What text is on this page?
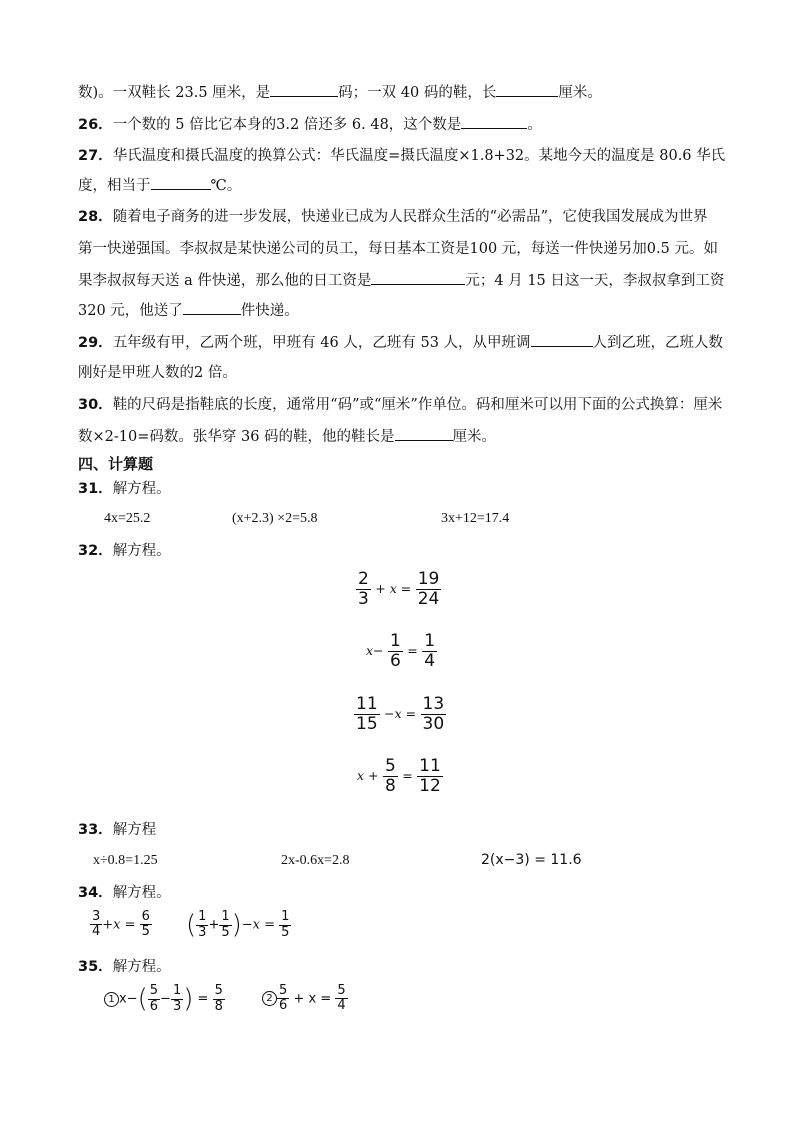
数)。一双鞋长 23.5 厘米，是	码；一双 40 码的鞋，长	厘米。
26．一个数的 5 倍比它本身的3.2 倍还多 6. 48，这个数是	。
27．华氏温度和摄氏温度的换算公式：华氏温度=摄氏温度×1.8+32。某地今天的温度是 80.6 华氏
度，相当于	℃。
28．随着电子商务的进一步发展，快递业已成为人民群众生活的“必需品”，它使我国发展成为世界
第一快递强国。李叔叔是某快递公司的员工，每日基本工资是100 元，每送一件快递另加0.5 元。如
果李叔叔每天送 a 件快递，那么他的日工资是	元；4 月 15 日这一天，李叔叔拿到工资
320 元，他送了	件快递。
29．五年级有甲，乙两个班，甲班有 46 人，乙班有 53 人，从甲班调	人到乙班，乙班人数
刚好是甲班人数的2 倍。
30．鞋的尺码是指鞋底的长度，通常用“码”或“厘米”作单位。码和厘米可以用下面的公式换算：厘米
数×2-10=码数。张华穿 36 码的鞋，他的鞋长是	厘米。
四、计算题
31．解方程。
4x=25.2	(x+2.3) ×2=5.8	3x+12=17.4
32．解方程。
$\frac{2}{3} + x = \frac{19}{24}$
$x- \frac{1}{6} = \frac{1}{4}$
$\frac{11}{15} -x = \frac{13}{30}$
$x + \frac{5}{8} = \frac{11}{12}$
33．解方程
x÷0.8=1.25	2x-0.6x=2.8	2(x−3) = 11.6
34．解方程。
$\frac{3}{4} +x = \frac{6}{5}$ ( $\frac{1}{3} + \frac{1}{5} )-x = \frac{1}{5}$
35．解方程。
1 $x-( \frac{5}{6} - \frac{1}{3}$ ) = $\frac{5}{8}$	$2 \frac{5}{6} + x = \frac{5}{4}$
